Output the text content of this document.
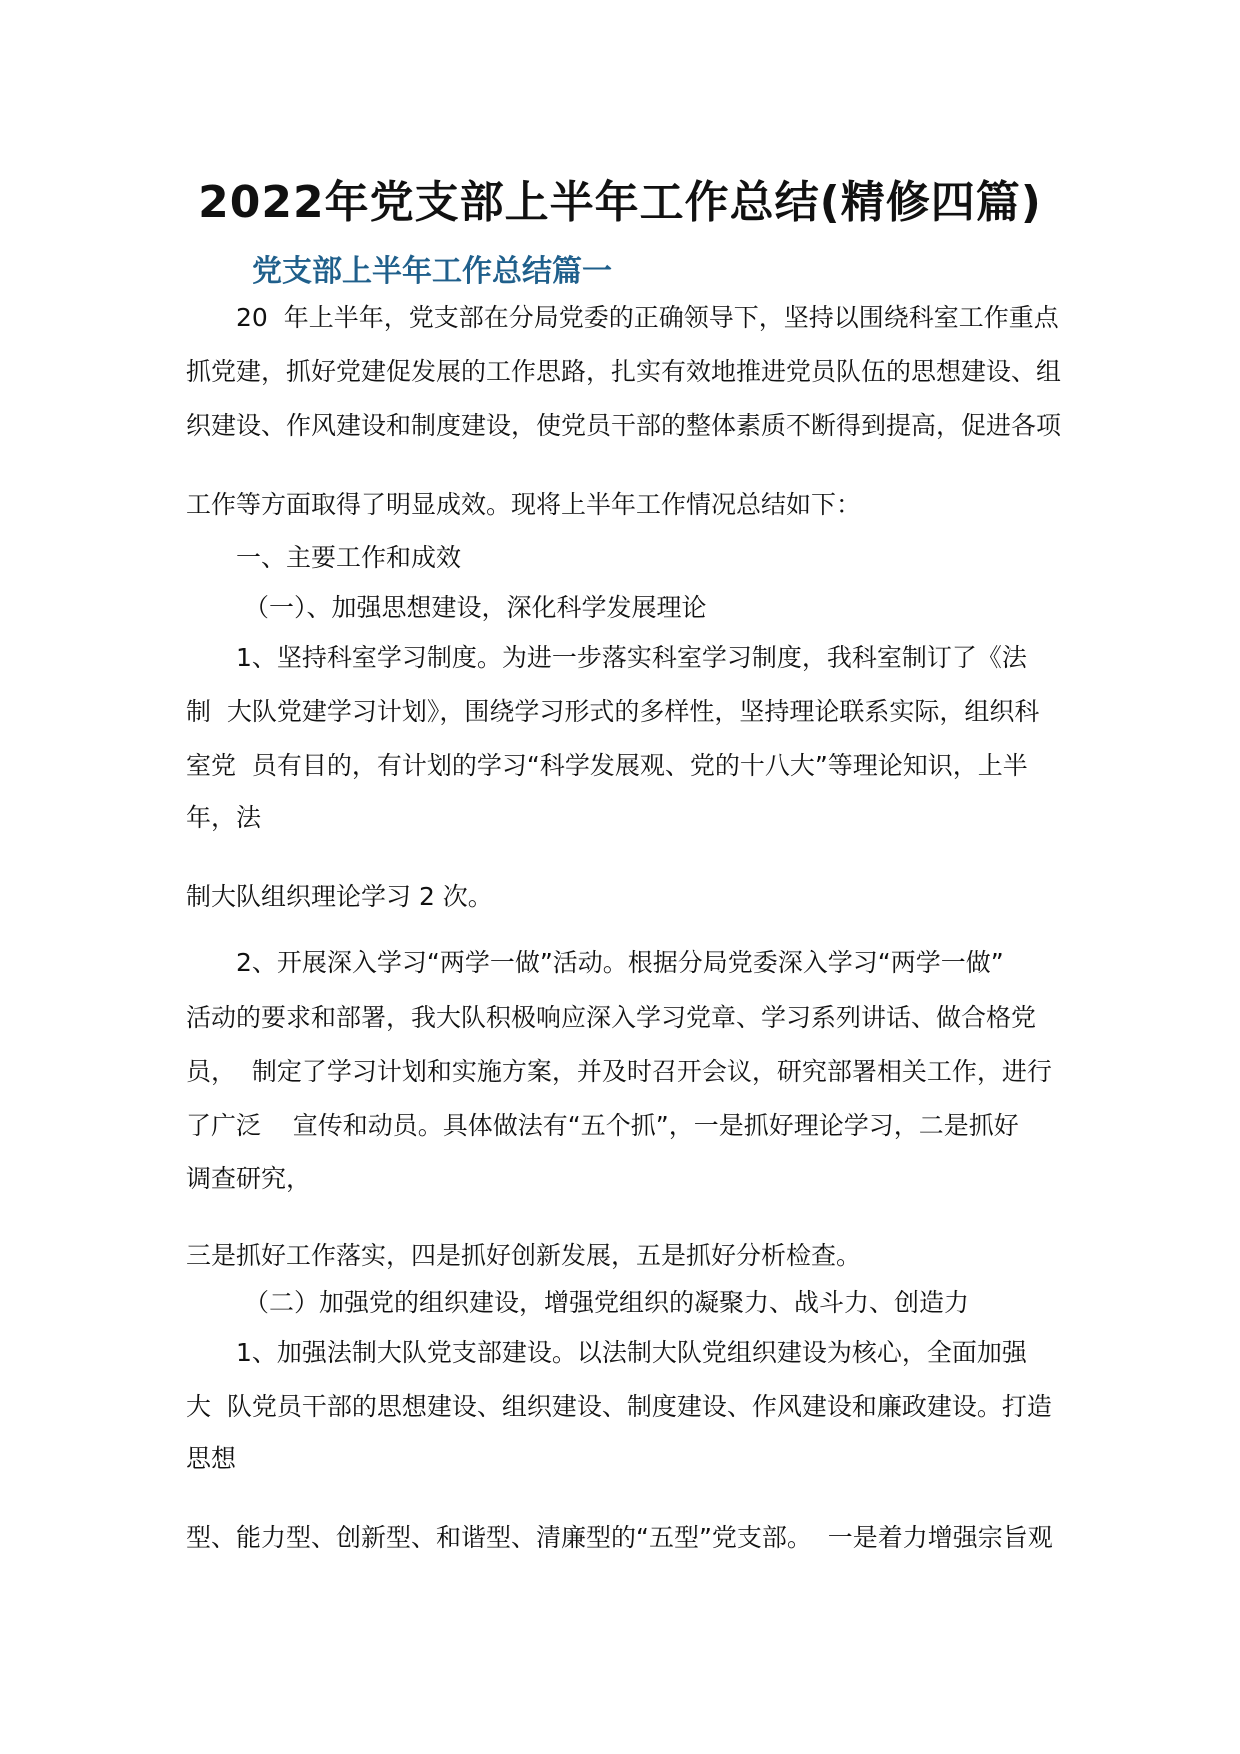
2022年党支部上半年工作总结(精修四篇)
党支部上半年工作总结篇一

20  年上半年，党支部在分局党委的正确领导下，坚持以围绕科室工作重点

抓党建，抓好党建促发展的工作思路，扎实有效地推进党员队伍的思想建设、组

织建设、作风建设和制度建设，使党员干部的整体素质不断得到提高，促进各项

工作等方面取得了明显成效。现将上半年工作情况总结如下：

一、主要工作和成效

（一）、加强思想建设，深化科学发展理论

1、坚持科室学习制度。为进一步落实科室学习制度，我科室制订了《法

制  大队党建学习计划》，围绕学习形式的多样性，坚持理论联系实际，组织科

室党  员有目的，有计划的学习“科学发展观、党的十八大”等理论知识，上半

年，法

制大队组织理论学习 2 次。

2、开展深入学习“两学一做”活动。根据分局党委深入学习“两学一做”

活动的要求和部署，我大队积极响应深入学习党章、学习系列讲话、做合格党

员，  制定了学习计划和实施方案，并及时召开会议，研究部署相关工作，进行

了广泛    宣传和动员。具体做法有“五个抓”，一是抓好理论学习，二是抓好

调查研究，

三是抓好工作落实，四是抓好创新发展，五是抓好分析检查。

（二）加强党的组织建设，增强党组织的凝聚力、战斗力、创造力

1、加强法制大队党支部建设。以法制大队党组织建设为核心，全面加强

大  队党员干部的思想建设、组织建设、制度建设、作风建设和廉政建设。打造

思想

型、能力型、创新型、和谐型、清廉型的“五型”党支部。  一是着力增强宗旨观
